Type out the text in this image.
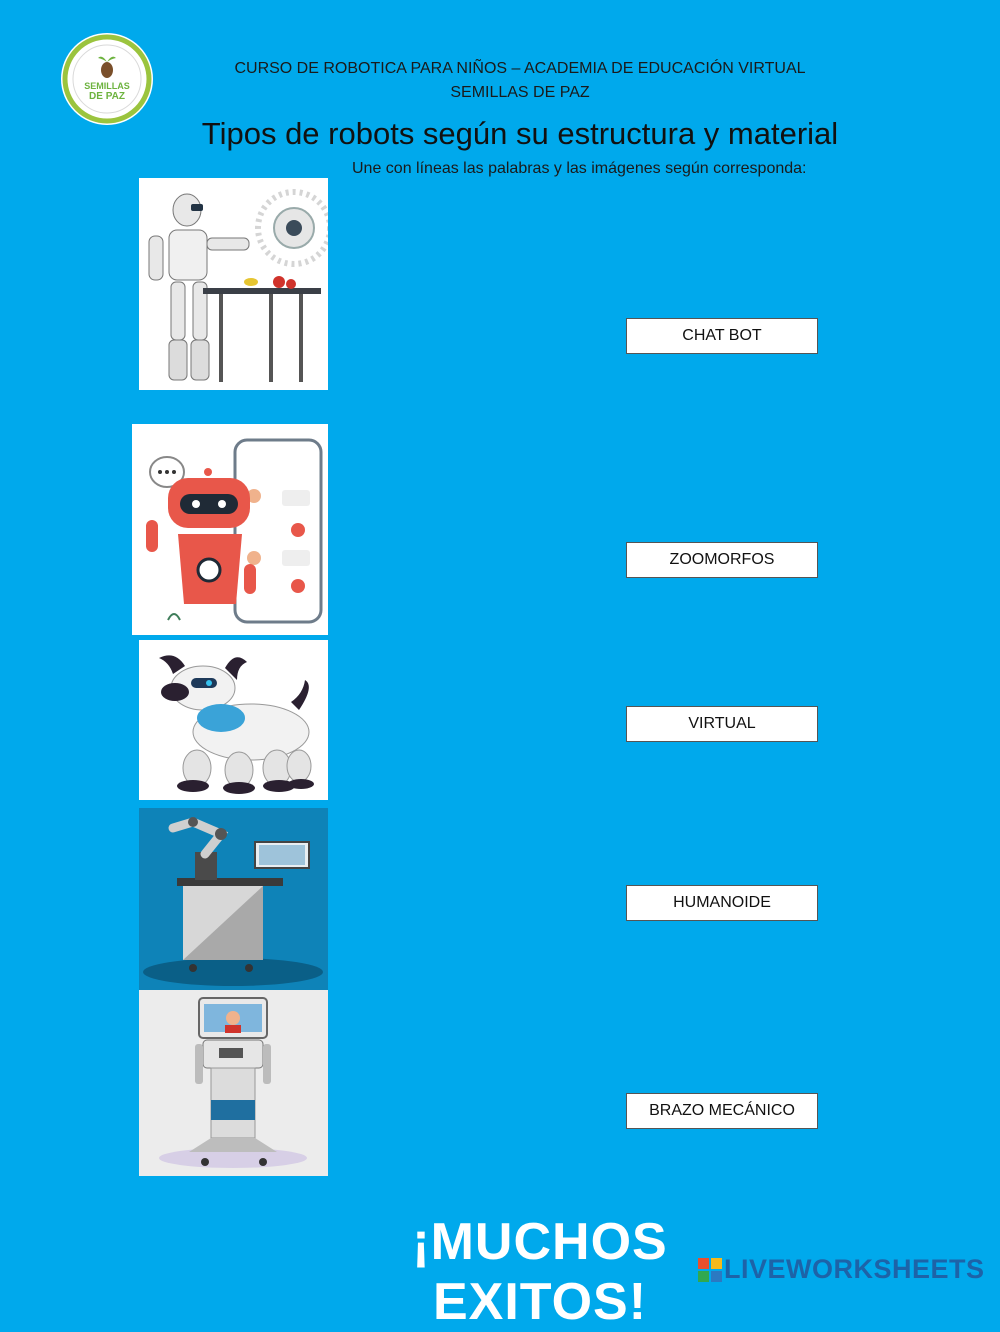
SEMILLAS
DE PAZ
CURSO DE ROBOTICA PARA NIÑOS – ACADEMIA DE EDUCACIÓN VIRTUAL
SEMILLAS DE PAZ
Tipos de robots según su estructura y material
Une con líneas las palabras y las imágenes según corresponda:
CHAT BOT
ZOOMORFOS
VIRTUAL
HUMANOIDE
BRAZO MECÁNICO
¡MUCHOS EXITOS!
LIVEWORKSHEETS
